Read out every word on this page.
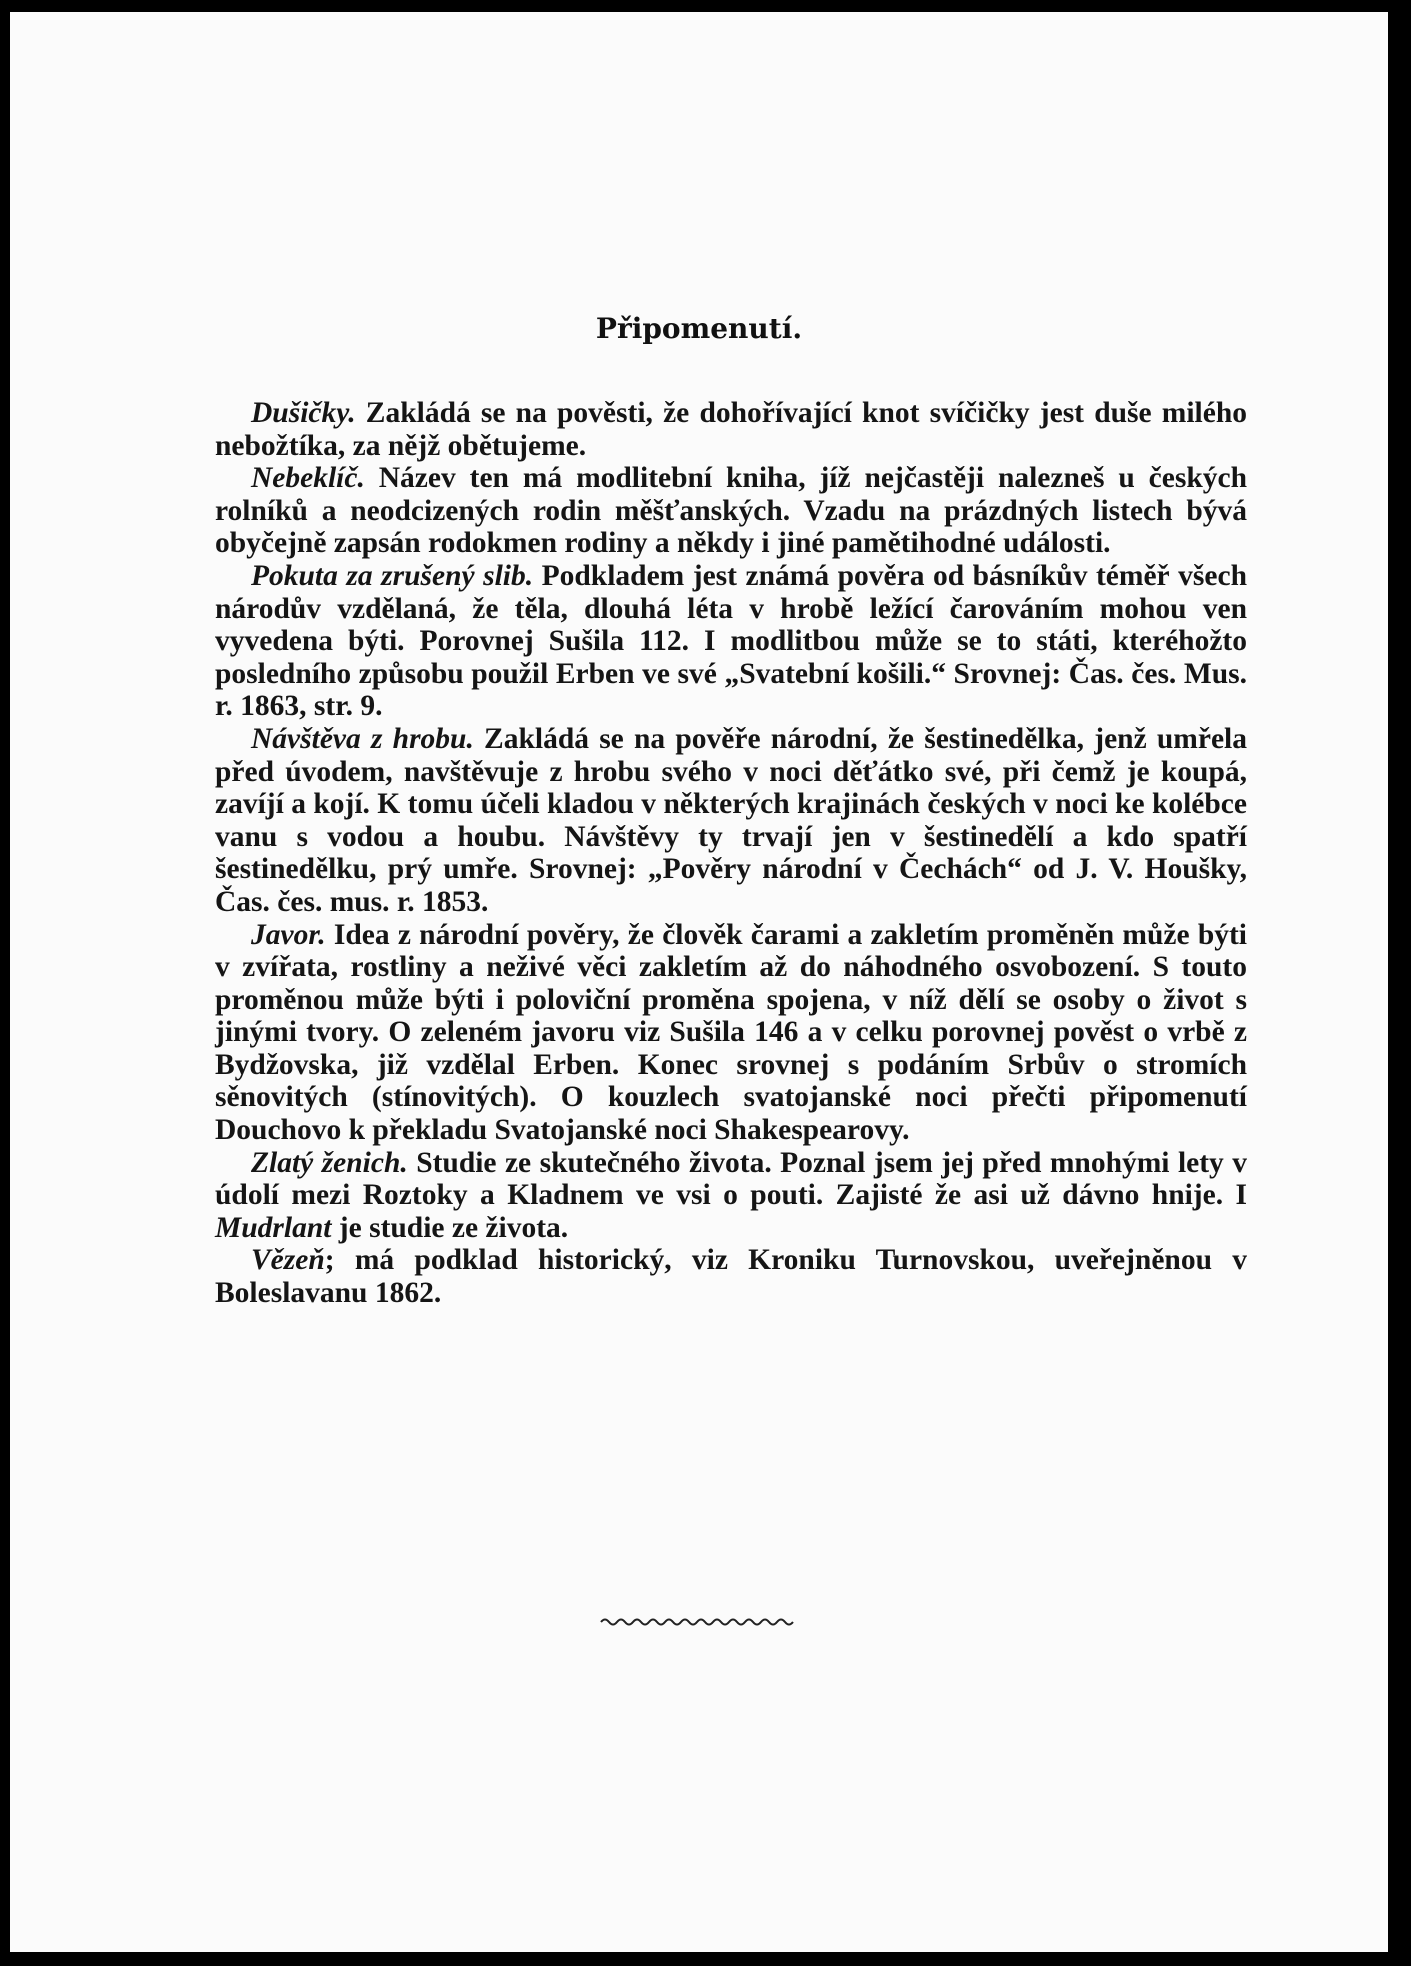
Připomenutí.

Dušičky. Zakládá se na pověsti, že dohořívající knot svíčičky jest duše milého nebožtíka, za nějž obětujeme.

Nebeklíč. Název ten má modlitební kniha, jíž nejčastěji nalezneš u českých rolníků a neodcizených rodin měšťanských. Vzadu na prázdných listech bývá obyčejně zapsán rodokmen rodiny a někdy i jiné pamětihodné události.

Pokuta za zrušený slib. Podkladem jest známá pověra od básníkův téměř všech národův vzdělaná, že těla, dlouhá léta v hrobě ležící čarováním mohou ven vyvedena býti. Porovnej Sušila 112. I modlitbou může se to státi, kteréhožto posledního způsobu použil Erben ve své „Svatební košili.“ Srovnej: Čas. čes. Mus. r. 1863, str. 9.

Návštěva z hrobu. Zakládá se na pověře národní, že šestinedělka, jenž umřela před úvodem, navštěvuje z hrobu svého v noci děťátko své, při čemž je koupá, zavíjí a kojí. K tomu účeli kladou v některých krajinách českých v noci ke kolébce vanu s vodou a houbu. Návštěvy ty trvají jen v šestinedělí a kdo spatří šestinedělku, prý umře. Srovnej: „Pověry národní v Čechách“ od J. V. Houšky, Čas. čes. mus. r. 1853.

Javor. Idea z národní pověry, že člověk čarami a zakletím proměněn může býti v zvířata, rostliny a neživé věci zakletím až do náhodného osvobození. S touto proměnou může býti i poloviční proměna spojena, v níž dělí se osoby o život s jinými tvory. O zeleném javoru viz Sušila 146 a v celku porovnej pověst o vrbě z Bydžovska, již vzdělal Erben. Konec srovnej s podáním Srbův o stromích sěnovitých (stínovitých). O kouzlech svatojanské noci přečti připomenutí Douchovo k překladu Svatojanské noci Shakespearovy.

Zlatý ženich. Studie ze skutečného života. Poznal jsem jej před mnohými lety v údolí mezi Roztoky a Kladnem ve vsi o pouti. Zajisté že asi už dávno hnije. I Mudrlant je studie ze života.

Vězeň; má podklad historický, viz Kroniku Turnovskou, uveřejněnou v Boleslavanu 1862.
